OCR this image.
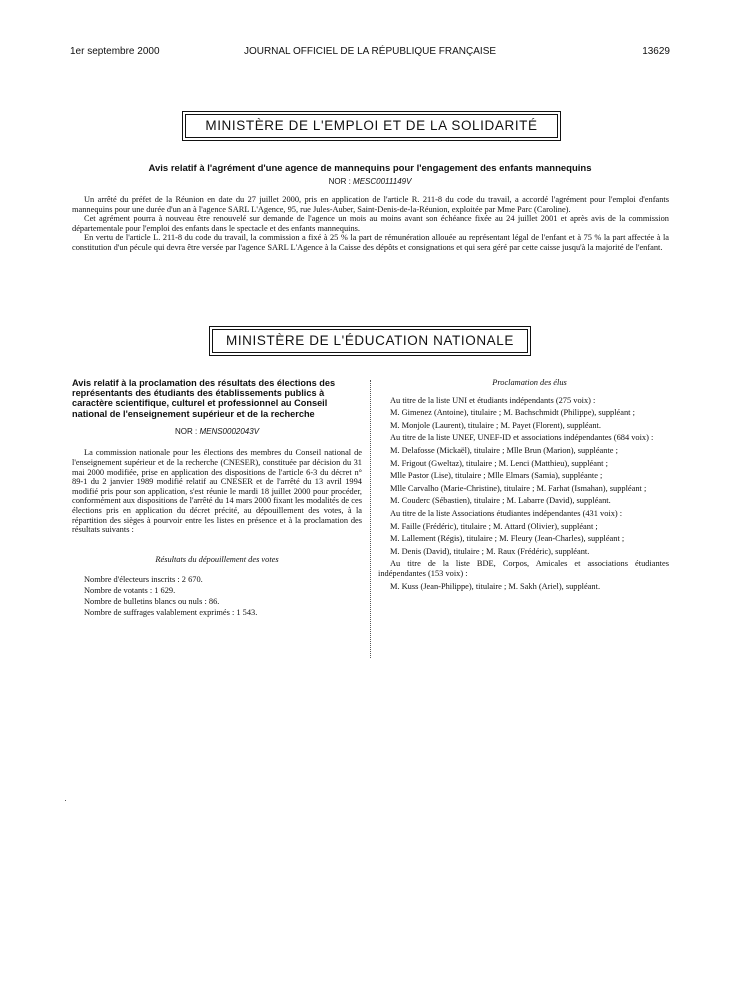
1er septembre 2000	JOURNAL OFFICIEL DE LA RÉPUBLIQUE FRANÇAISE	13629
MINISTÈRE DE L'EMPLOI ET DE LA SOLIDARITÉ
Avis relatif à l'agrément d'une agence de mannequins pour l'engagement des enfants mannequins
NOR : MESC0011149V

Un arrêté du préfet de la Réunion en date du 27 juillet 2000, pris en application de l'article R. 211-8 du code du travail, a accordé l'agrément pour l'emploi d'enfants mannequins pour une durée d'un an à l'agence SARL L'Agence, 95, rue Jules-Auber, Saint-Denis-de-la-Réunion, exploitée par Mme Parc (Caroline).

Cet agrément pourra à nouveau être renouvelé sur demande de l'agence un mois au moins avant son échéance fixée au 24 juillet 2001 et après avis de la commission départementale pour l'emploi des enfants dans le spectacle et des enfants mannequins.

En vertu de l'article L. 211-8 du code du travail, la commission a fixé à 25 % la part de rémunération allouée au représentant légal de l'enfant et à 75 % la part affectée à la constitution d'un pécule qui devra être versée par l'agence SARL L'Agence à la Caisse des dépôts et consignations et qui sera géré par cette caisse jusqu'à la majorité de l'enfant.

MINISTÈRE DE L'ÉDUCATION NATIONALE

Avis relatif à la proclamation des résultats des élections des représentants des étudiants des établissements publics à caractère scientifique, culturel et professionnel au Conseil national de l'enseignement supérieur et de la recherche

NOR : MENS0002043V

La commission nationale pour les élections des membres du Conseil national de l'enseignement supérieur et de la recherche (CNESER), constituée par décision du 31 mai 2000 modifiée, prise en application des dispositions de l'article 6-3 du décret n° 89-1 du 2 janvier 1989 modifié relatif au CNESER et de l'arrêté du 13 avril 1994 modifié pris pour son application, s'est réunie le mardi 18 juillet 2000 pour procéder, conformément aux dispositions de l'arrêté du 14 mars 2000 fixant les modalités de ces élections pris en application du décret précité, au dépouillement des votes, à la répartition des sièges à pourvoir entre les listes en présence et à la proclamation des résultats suivants :

Résultats du dépouillement des votes

Nombre d'électeurs inscrits : 2 670.

Nombre de votants : 1 629.

Nombre de bulletins blancs ou nuls : 86.

Nombre de suffrages valablement exprimés : 1 543.

Proclamation des élus

Au titre de la liste UNI et étudiants indépendants (275 voix) :

M. Gimenez (Antoine), titulaire ; M. Bachschmidt (Philippe), suppléant ;

M. Monjole (Laurent), titulaire ; M. Payet (Florent), suppléant.

Au titre de la liste UNEF, UNEF-ID et associations indépendantes (684 voix) :

M. Delafosse (Mickaël), titulaire ; Mlle Brun (Marion), suppléante ;

M. Frigout (Gweltaz), titulaire ; M. Lenci (Matthieu), suppléant ;

Mlle Pastor (Lise), titulaire ; Mlle Elmars (Samia), suppléante ;

Mlle Carvalho (Marie-Christine), titulaire ; M. Farhat (Ismahan), suppléant ;

M. Couderc (Sébastien), titulaire ; M. Labarre (David), suppléant.

Au titre de la liste Associations étudiantes indépendantes (431 voix) :

M. Faille (Frédéric), titulaire ; M. Attard (Olivier), suppléant ;

M. Lallement (Régis), titulaire ; M. Fleury (Jean-Charles), suppléant ;

M. Denis (David), titulaire ; M. Raux (Frédéric), suppléant.

Au titre de la liste BDE, Corpos, Amicales et associations étudiantes indépendantes (153 voix) :

M. Kuss (Jean-Philippe), titulaire ; M. Sakh (Ariel), suppléant.
